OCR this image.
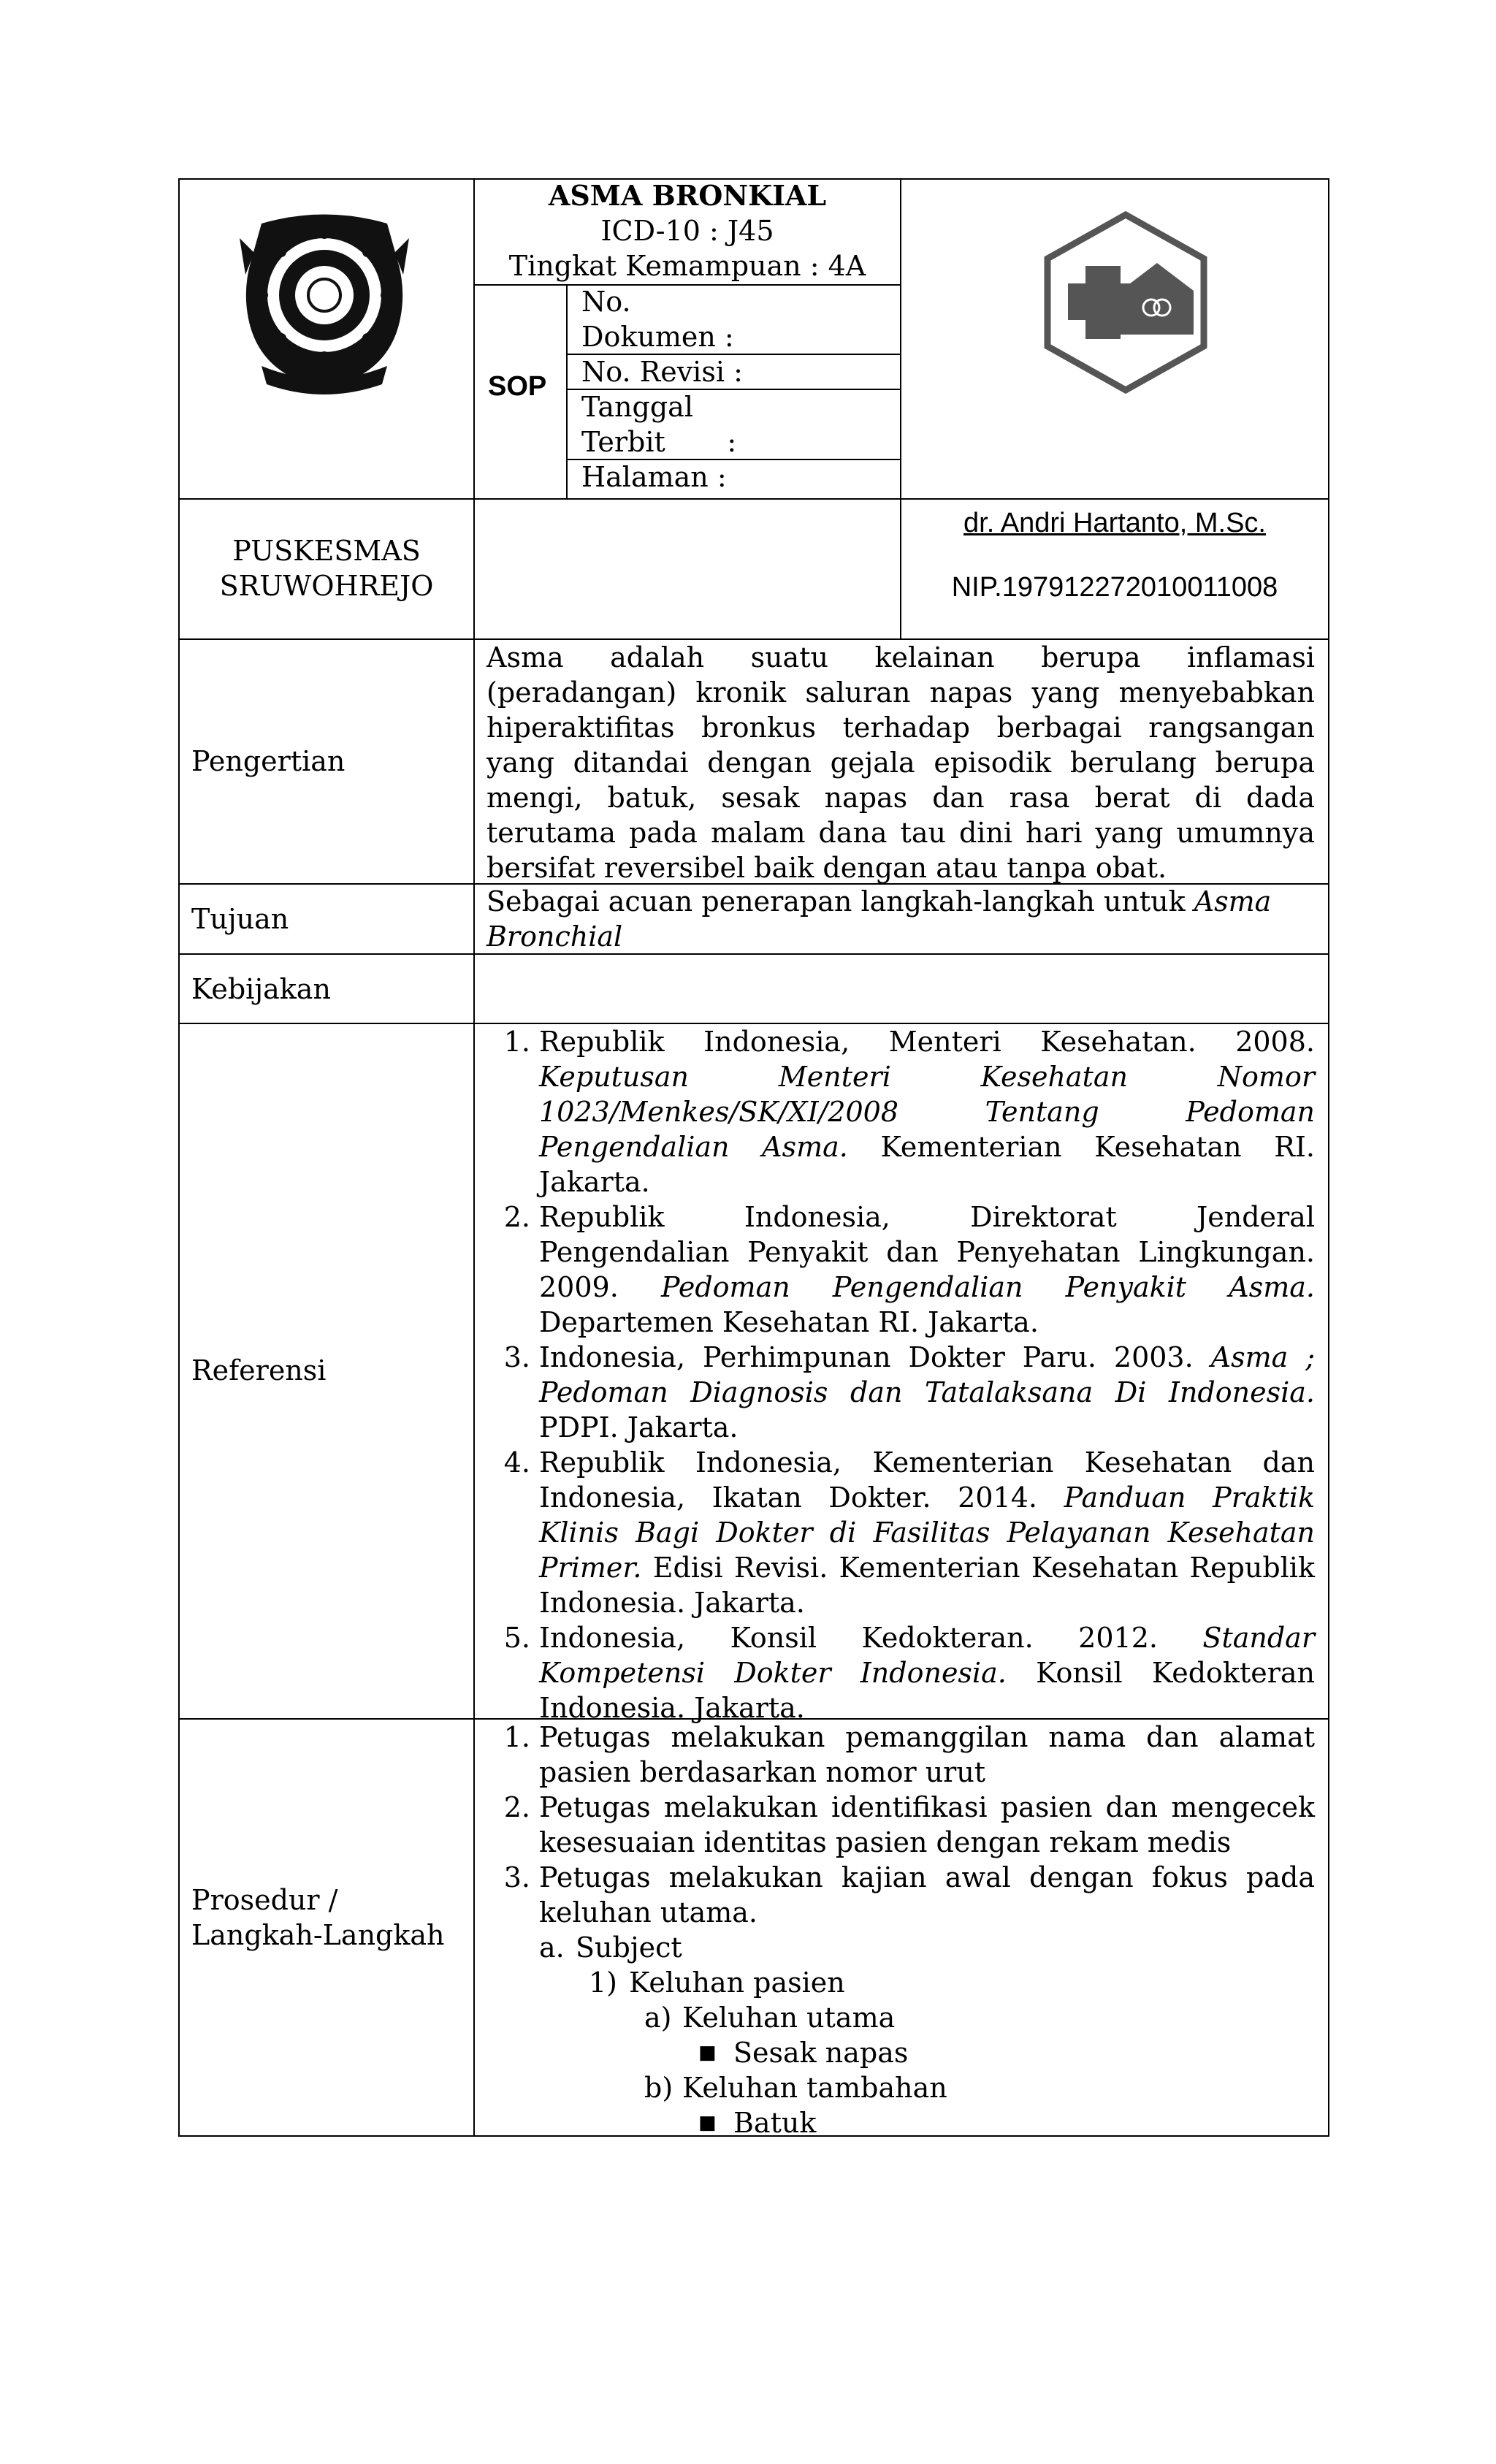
ASMA BRONKIAL
ICD-10 : J45
Tingkat Kemampuan : 4A
SOP
No.
Dokumen :
No. Revisi :
Tanggal
Terbit       :
Halaman :
PUSKESMAS
SRUWOHREJO
dr. Andri Hartanto, M.Sc.
NIP.197912272010011008
Pengertian
Tujuan
Kebijakan
Referensi
Prosedur /
Langkah-Langkah
Asma adalah suatu kelainan berupa inflamasi
(peradangan) kronik saluran napas yang menyebabkan
hiperaktifitas bronkus terhadap berbagai rangsangan
yang ditandai dengan gejala episodik berulang berupa
mengi, batuk, sesak napas dan rasa berat di dada
terutama pada malam dana tau dini hari yang umumnya
bersifat reversibel baik dengan atau tanpa obat.
Sebagai acuan penerapan langkah-langkah untuk Asma
Bronchial
1. Republik Indonesia, Menteri Kesehatan. 2008.
Keputusan Menteri Kesehatan Nomor
1023/Menkes/SK/XI/2008 Tentang Pedoman
Pengendalian Asma. Kementerian Kesehatan RI.
Jakarta.
2. Republik Indonesia, Direktorat Jenderal
Pengendalian Penyakit dan Penyehatan Lingkungan.
2009. Pedoman Pengendalian Penyakit Asma.
Departemen Kesehatan RI. Jakarta.
3. Indonesia, Perhimpunan Dokter Paru. 2003. Asma ;
Pedoman Diagnosis dan Tatalaksana Di Indonesia.
PDPI. Jakarta.
4. Republik Indonesia, Kementerian Kesehatan dan
Indonesia, Ikatan Dokter. 2014. Panduan Praktik
Klinis Bagi Dokter di Fasilitas Pelayanan Kesehatan
Primer. Edisi Revisi. Kementerian Kesehatan Republik
Indonesia. Jakarta.
5. Indonesia, Konsil Kedokteran. 2012. Standar
Kompetensi Dokter Indonesia. Konsil Kedokteran
Indonesia. Jakarta.
1. Petugas melakukan pemanggilan nama dan alamat
pasien berdasarkan nomor urut
2. Petugas melakukan identifikasi pasien dan mengecek
kesesuaian identitas pasien dengan rekam medis
3. Petugas melakukan kajian awal dengan fokus pada
keluhan utama.
a. Subject
1) Keluhan pasien
a) Keluhan utama
■ Sesak napas
b) Keluhan tambahan
■ Batuk
